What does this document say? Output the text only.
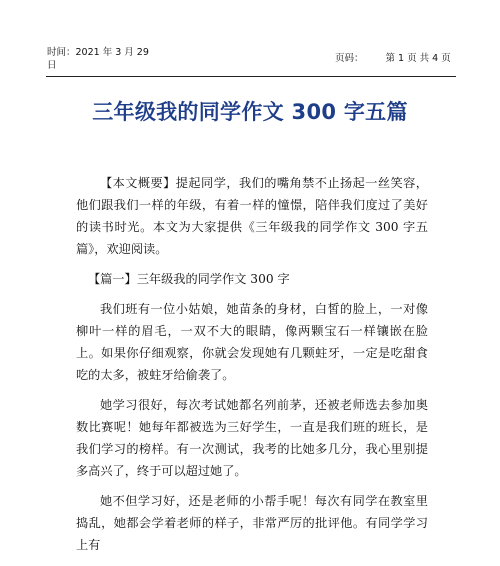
时间：2021 年 3 月 29 日
页码： 第 1 页 共 4 页
三年级我的同学作文 300 字五篇

【本文概要】提起同学，我们的嘴角禁不止扬起一丝笑容，他们跟我们一样的年级，有着一样的憧憬，陪伴我们度过了美好的读书时光。本文为大家提供《三年级我的同学作文 300 字五篇》，欢迎阅读。

【篇一】三年级我的同学作文 300 字

我们班有一位小姑娘，她苗条的身材，白皙的脸上，一对像柳叶一样的眉毛，一双不大的眼睛，像两颗宝石一样镶嵌在脸上。如果你仔细观察，你就会发现她有几颗蛀牙，一定是吃甜食吃的太多，被蛀牙给偷袭了。

她学习很好，每次考试她都名列前茅，还被老师选去参加奥数比赛呢！她每年都被选为三好学生，一直是我们班的班长，是我们学习的榜样。有一次测试，我考的比她多几分，我心里别提多高兴了，终于可以超过她了。

她不但学习好，还是老师的小帮手呢！每次有同学在教室里捣乱，她都会学着老师的样子，非常严厉的批评他。有同学学习上有
